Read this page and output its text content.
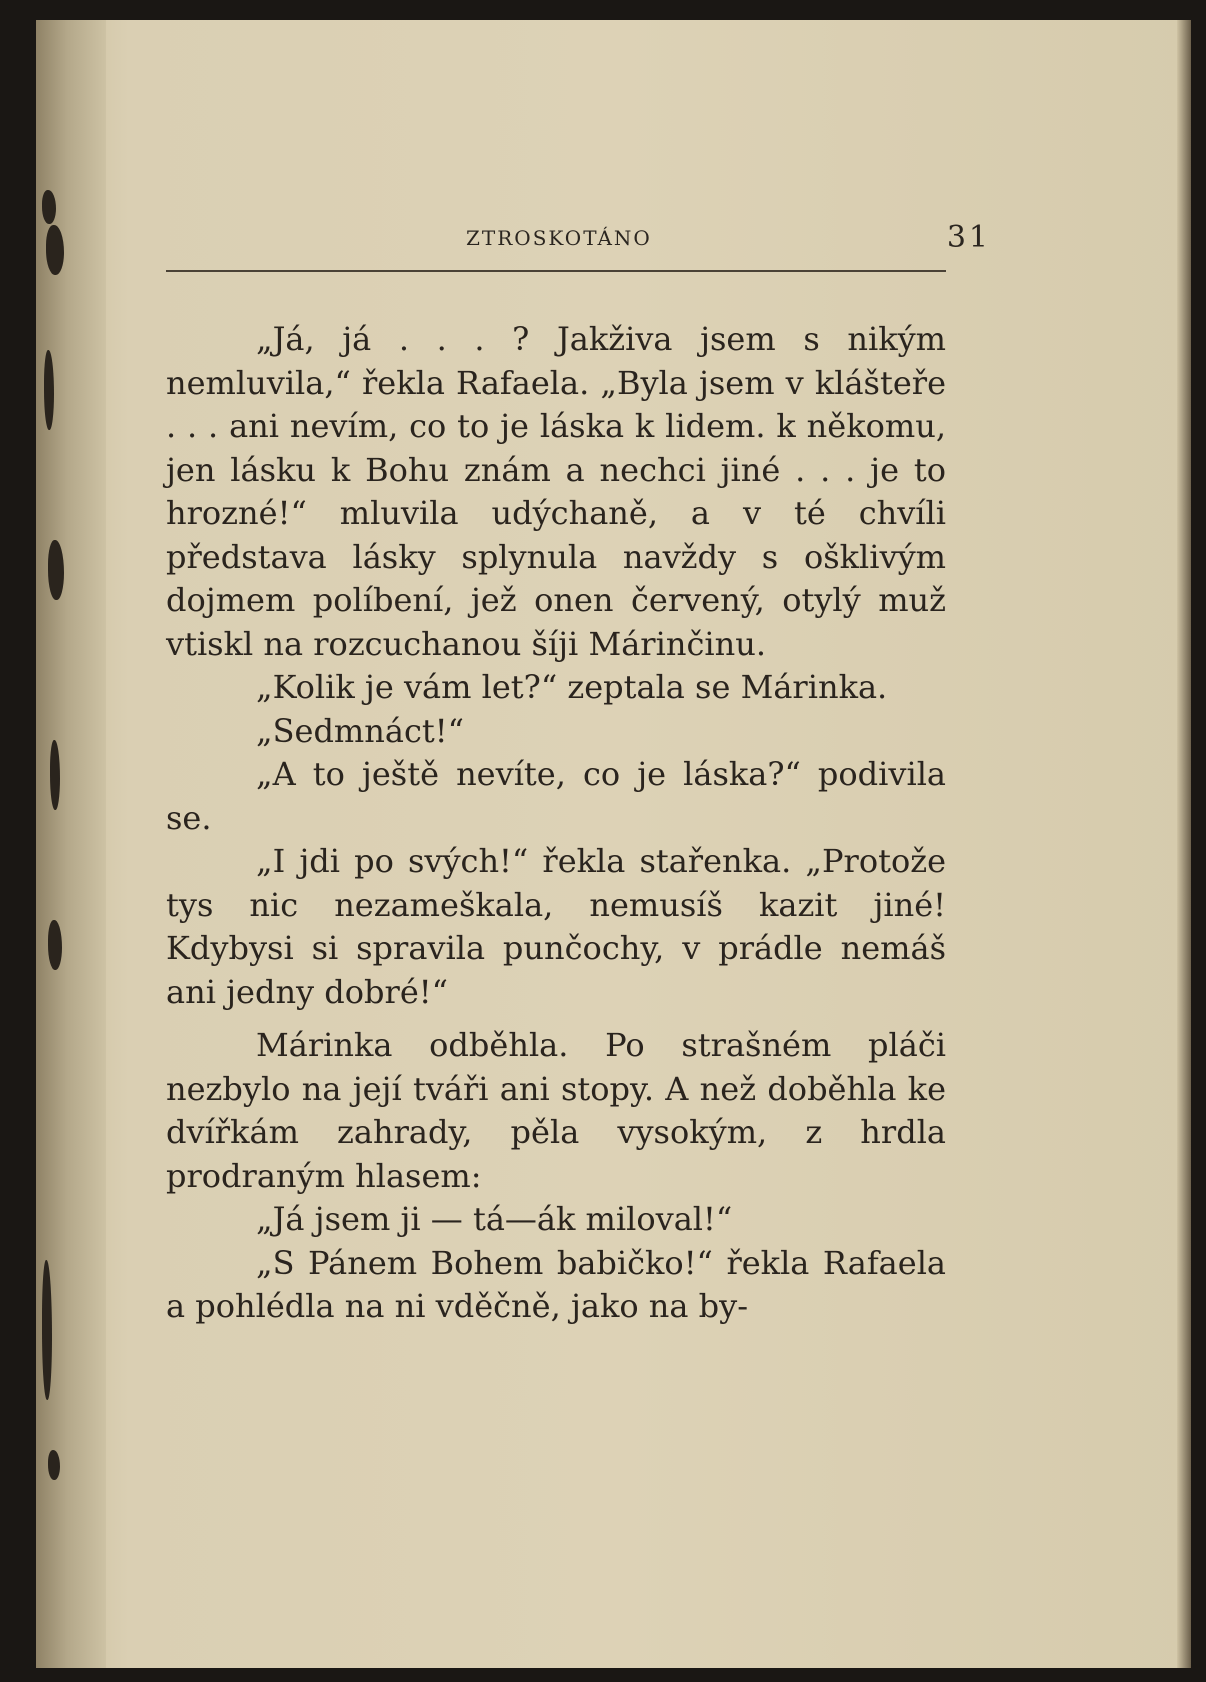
ZTROSKOTÁNO	31

„Já, já . . . ? Jakživa jsem s nikým nemluvila,“ řekla Rafaela. „Byla jsem v klášteře . . . ani nevím, co to je láska k lidem. k někomu, jen lásku k Bohu znám a nechci jiné . . . je to hrozné!“ mluvila udýchaně, a v té chvíli představa lásky splynula navždy s ošklivým dojmem políbení, jež onen červený, otylý muž vtiskl na rozcuchanou šíji Márinčinu.

„Kolik je vám let?“ zeptala se Márinka.

„Sedmnáct!“

„A to ještě nevíte, co je láska?“ podivila se.

„I jdi po svých!“ řekla stařenka. „Protože tys nic nezameškala, nemusíš kazit jiné! Kdybysi si spravila punčochy, v prádle nemáš ani jedny dobré!“

Márinka odběhla. Po strašném pláči nezbylo na její tváři ani stopy. A než doběhla ke dvířkám zahrady, pěla vysokým, z hrdla prodraným hlasem:

„Já jsem ji — tá—ák miloval!“

„S Pánem Bohem babičko!“ řekla Rafaela a pohlédla na ni vděčně, jako na by-
